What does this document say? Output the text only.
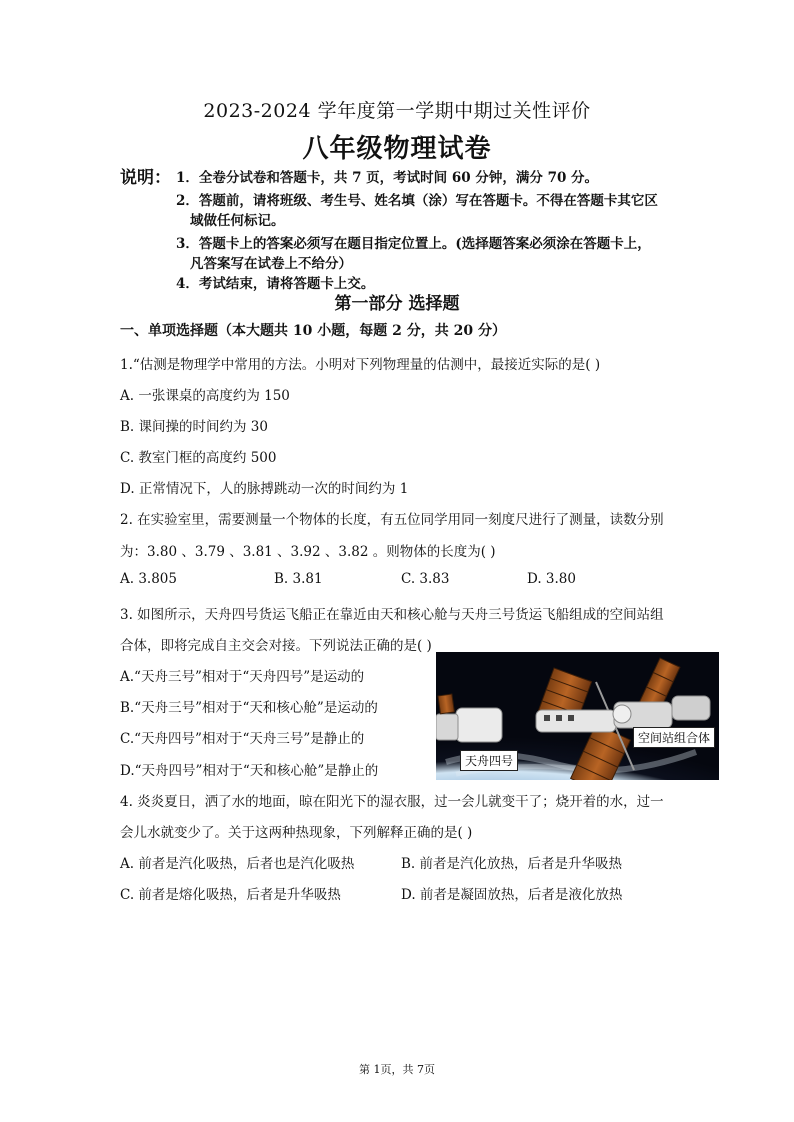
2023-2024 学年度第一学期中期过关性评价
八年级物理试卷
说明： 1．全卷分试卷和答题卡，共 7 页，考试时间 60 分钟，满分 70 分。
2．答题前，请将班级、考生号、姓名填（涂）写在答题卡。不得在答题卡其它区
域做任何标记。
3．答题卡上的答案必须写在题目指定位置上。(选择题答案必须涂在答题卡上，
凡答案写在试卷上不给分）
4．考试结束，请将答题卡上交。
第一部分 选择题
一、单项选择题（本大题共 10 小题，每题 2 分，共 20 分）
1.“估测是物理学中常用的方法。小明对下列物理量的估测中，最接近实际的是( )
A. 一张课桌的高度约为 150
B. 课间操的时间约为 30
C. 教室门框的高度约 500
D. 正常情况下，人的脉搏跳动一次的时间约为 1
2. 在实验室里，需要测量一个物体的长度，有五位同学用同一刻度尺进行了测量，读数分别
为：3.80 、3.79 、3.81 、3.92 、3.82 。则物体的长度为( )
A. 3.805	B. 3.81	C. 3.83	D. 3.80
3. 如图所示，天舟四号货运飞船正在靠近由天和核心舱与天舟三号货运飞船组成的空间站组
合体，即将完成自主交会对接。下列说法正确的是( )
A.“天舟三号”相对于“天舟四号”是运动的
B.“天舟三号”相对于“天和核心舱”是运动的
C.“天舟四号”相对于“天舟三号”是静止的
D.“天舟四号”相对于“天和核心舱”是静止的
空间站组合体
天舟四号
4. 炎炎夏日，洒了水的地面，晾在阳光下的湿衣服，过一会儿就变干了；烧开着的水，过一
会儿水就变少了。关于这两种热现象，下列解释正确的是( )
A. 前者是汽化吸热，后者也是汽化吸热	B. 前者是汽化放热，后者是升华吸热
C. 前者是熔化吸热，后者是升华吸热	D. 前者是凝固放热，后者是液化放热
第 1页，共 7页
